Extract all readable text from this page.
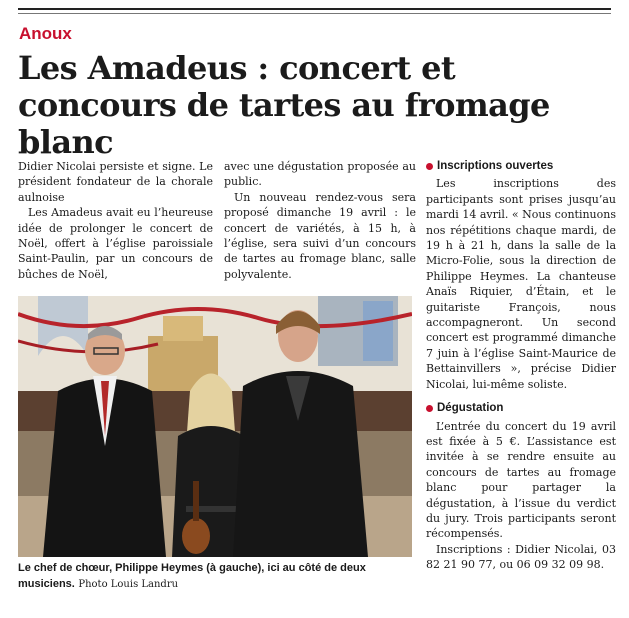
Anoux
Les Amadeus : concert et concours de tartes au fromage blanc

Didier Nicolai persiste et signe. Le président fondateur de la chorale aulnoise

Les Amadeus avait eu l’heureuse idée de prolonger le concert de Noël, offert à l’église paroissiale Saint-Paulin, par un concours de bûches de Noël,

avec une dégustation proposée au public.

Un nouveau rendez-vous sera proposé dimanche 19 avril : le concert de variétés, à 15 h, à l’église, sera suivi d’un concours de tartes au fromage blanc, salle polyvalente.

Inscriptions ouvertes

Les inscriptions des participants sont prises jusqu’au mardi 14 avril. « Nous continuons nos répétitions chaque mardi, de 19 h à 21 h, dans la salle de la Micro-Folie, sous la direction de Philippe Heymes. La chanteuse Anaïs Riquier, d’Étain, et le guitariste François, nous accompagneront. Un second concert est programmé dimanche 7 juin à l’église Saint-Maurice de Bettainvillers », précise Didier Nicolai, lui-même soliste.

Dégustation

L’entrée du concert du 19 avril est fixée à 5 €. L’assistance est invitée à se rendre ensuite au concours de tartes au fromage blanc pour partager la dégustation, à l’issue du verdict du jury. Trois participants seront récompensés.

Inscriptions : Didier Nicolai, 03 82 21 90 77, ou 06 09 32 09 98.

Le chef de chœur, Philippe Heymes (à gauche), ici au côté de deux musiciens. Photo Louis Landru
